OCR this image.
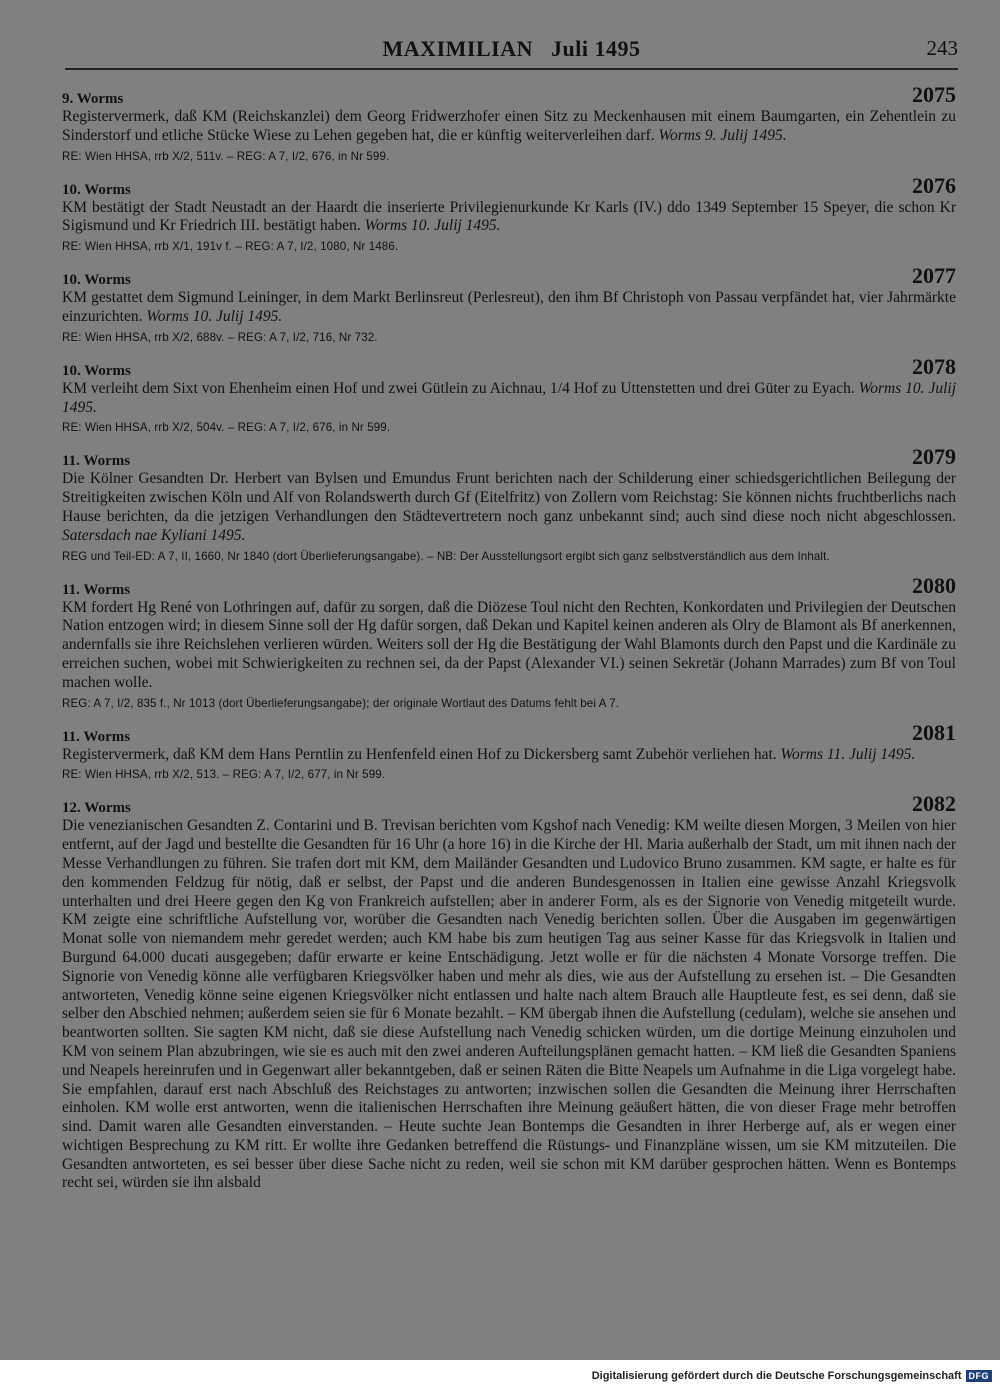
MAXIMILIAN Juli 1495	243
9. Worms	2075

Registervermerk, daß KM (Reichskanzlei) dem Georg Fridwerzhofer einen Sitz zu Meckenhausen mit einem Baumgarten, ein Zehentlein zu Sinderstorf und etliche Stücke Wiese zu Lehen gegeben hat, die er künftig weiterverleihen darf. Worms 9. Julij 1495.

RE: Wien HHSA, rrb X/2, 511v. – REG: A 7, I/2, 676, in Nr 599.
10. Worms	2076

KM bestätigt der Stadt Neustadt an der Haardt die inserierte Privilegienurkunde Kr Karls (IV.) ddo 1349 September 15 Speyer, die schon Kr Sigismund und Kr Friedrich III. bestätigt haben. Worms 10. Julij 1495.

RE: Wien HHSA, rrb X/1, 191v f. – REG: A 7, I/2, 1080, Nr 1486.
10. Worms	2077

KM gestattet dem Sigmund Leininger, in dem Markt Berlinsreut (Perlesreut), den ihm Bf Christoph von Passau verpfändet hat, vier Jahrmärkte einzurichten. Worms 10. Julij 1495.

RE: Wien HHSA, rrb X/2, 688v. – REG: A 7, I/2, 716, Nr 732.
10. Worms	2078

KM verleiht dem Sixt von Ehenheim einen Hof und zwei Gütlein zu Aichnau, 1/4 Hof zu Uttenstetten und drei Güter zu Eyach. Worms 10. Julij 1495.

RE: Wien HHSA, rrb X/2, 504v. – REG: A 7, I/2, 676, in Nr 599.
11. Worms	2079

Die Kölner Gesandten Dr. Herbert van Bylsen und Emundus Frunt berichten nach der Schilderung einer schiedsgerichtlichen Beilegung der Streitigkeiten zwischen Köln und Alf von Rolandswerth durch Gf (Eitelfritz) von Zollern vom Reichstag: Sie können nichts fruchtberlichs nach Hause berichten, da die jetzigen Verhandlungen den Städtevertretern noch ganz unbekannt sind; auch sind diese noch nicht abgeschlossen. Satersdach nae Kyliani 1495.

REG und Teil-ED: A 7, II, 1660, Nr 1840 (dort Überlieferungsangabe). – NB: Der Ausstellungsort ergibt sich ganz selbstverständlich aus dem Inhalt.
11. Worms	2080

KM fordert Hg René von Lothringen auf, dafür zu sorgen, daß die Diözese Toul nicht den Rechten, Konkordaten und Privilegien der Deutschen Nation entzogen wird; in diesem Sinne soll der Hg dafür sorgen, daß Dekan und Kapitel keinen anderen als Olry de Blamont als Bf anerkennen, andernfalls sie ihre Reichslehen verlieren würden. Weiters soll der Hg die Bestätigung der Wahl Blamonts durch den Papst und die Kardinäle zu erreichen suchen, wobei mit Schwierigkeiten zu rechnen sei, da der Papst (Alexander VI.) seinen Sekretär (Johann Marrades) zum Bf von Toul machen wolle.

REG: A 7, I/2, 835 f., Nr 1013 (dort Überlieferungsangabe); der originale Wortlaut des Datums fehlt bei A 7.
11. Worms	2081

Registervermerk, daß KM dem Hans Perntlin zu Henfenfeld einen Hof zu Dickersberg samt Zubehör verliehen hat. Worms 11. Julij 1495.

RE: Wien HHSA, rrb X/2, 513. – REG: A 7, I/2, 677, in Nr 599.
12. Worms	2082

Die venezianischen Gesandten Z. Contarini und B. Trevisan berichten vom Kgshof nach Venedig: KM weilte diesen Morgen, 3 Meilen von hier entfernt, auf der Jagd und bestellte die Gesandten für 16 Uhr (a hore 16) in die Kirche der Hl. Maria außerhalb der Stadt, um mit ihnen nach der Messe Verhandlungen zu führen. Sie trafen dort mit KM, dem Mailänder Gesandten und Ludovico Bruno zusammen. KM sagte, er halte es für den kommenden Feldzug für nötig, daß er selbst, der Papst und die anderen Bundesgenossen in Italien eine gewisse Anzahl Kriegsvolk unterhalten und drei Heere gegen den Kg von Frankreich aufstellen; aber in anderer Form, als es der Signorie von Venedig mitgeteilt wurde. KM zeigte eine schriftliche Aufstellung vor, worüber die Gesandten nach Venedig berichten sollen. Über die Ausgaben im gegenwärtigen Monat solle von niemandem mehr geredet werden; auch KM habe bis zum heutigen Tag aus seiner Kasse für das Kriegsvolk in Italien und Burgund 64.000 ducati ausgegeben; dafür erwarte er keine Entschädigung. Jetzt wolle er für die nächsten 4 Monate Vorsorge treffen. Die Signorie von Venedig könne alle verfügbaren Kriegsvölker haben und mehr als dies, wie aus der Aufstellung zu ersehen ist. – Die Gesandten antworteten, Venedig könne seine eigenen Kriegsvölker nicht entlassen und halte nach altem Brauch alle Hauptleute fest, es sei denn, daß sie selber den Abschied nehmen; außerdem seien sie für 6 Monate bezahlt. – KM übergab ihnen die Aufstellung (cedulam), welche sie ansehen und beantworten sollten. Sie sagten KM nicht, daß sie diese Aufstellung nach Venedig schicken würden, um die dortige Meinung einzuholen und KM von seinem Plan abzubringen, wie sie es auch mit den zwei anderen Aufteilungsplänen gemacht hatten. – KM ließ die Gesandten Spaniens und Neapels hereinrufen und in Gegenwart aller bekanntgeben, daß er seinen Räten die Bitte Neapels um Aufnahme in die Liga vorgelegt habe. Sie empfahlen, darauf erst nach Abschluß des Reichstages zu antworten; inzwischen sollen die Gesandten die Meinung ihrer Herrschaften einholen. KM wolle erst antworten, wenn die italienischen Herrschaften ihre Meinung geäußert hätten, die von dieser Frage mehr betroffen sind. Damit waren alle Gesandten einverstanden. – Heute suchte Jean Bontemps die Gesandten in ihrer Herberge auf, als er wegen einer wichtigen Besprechung zu KM ritt. Er wollte ihre Gedanken betreffend die Rüstungs- und Finanzpläne wissen, um sie KM mitzuteilen. Die Gesandten antworteten, es sei besser über diese Sache nicht zu reden, weil sie schon mit KM darüber gesprochen hätten. Wenn es Bontemps recht sei, würden sie ihn alsbald

Digitalisierung gefördert durch die Deutsche Forschungsgemeinschaft DFG
